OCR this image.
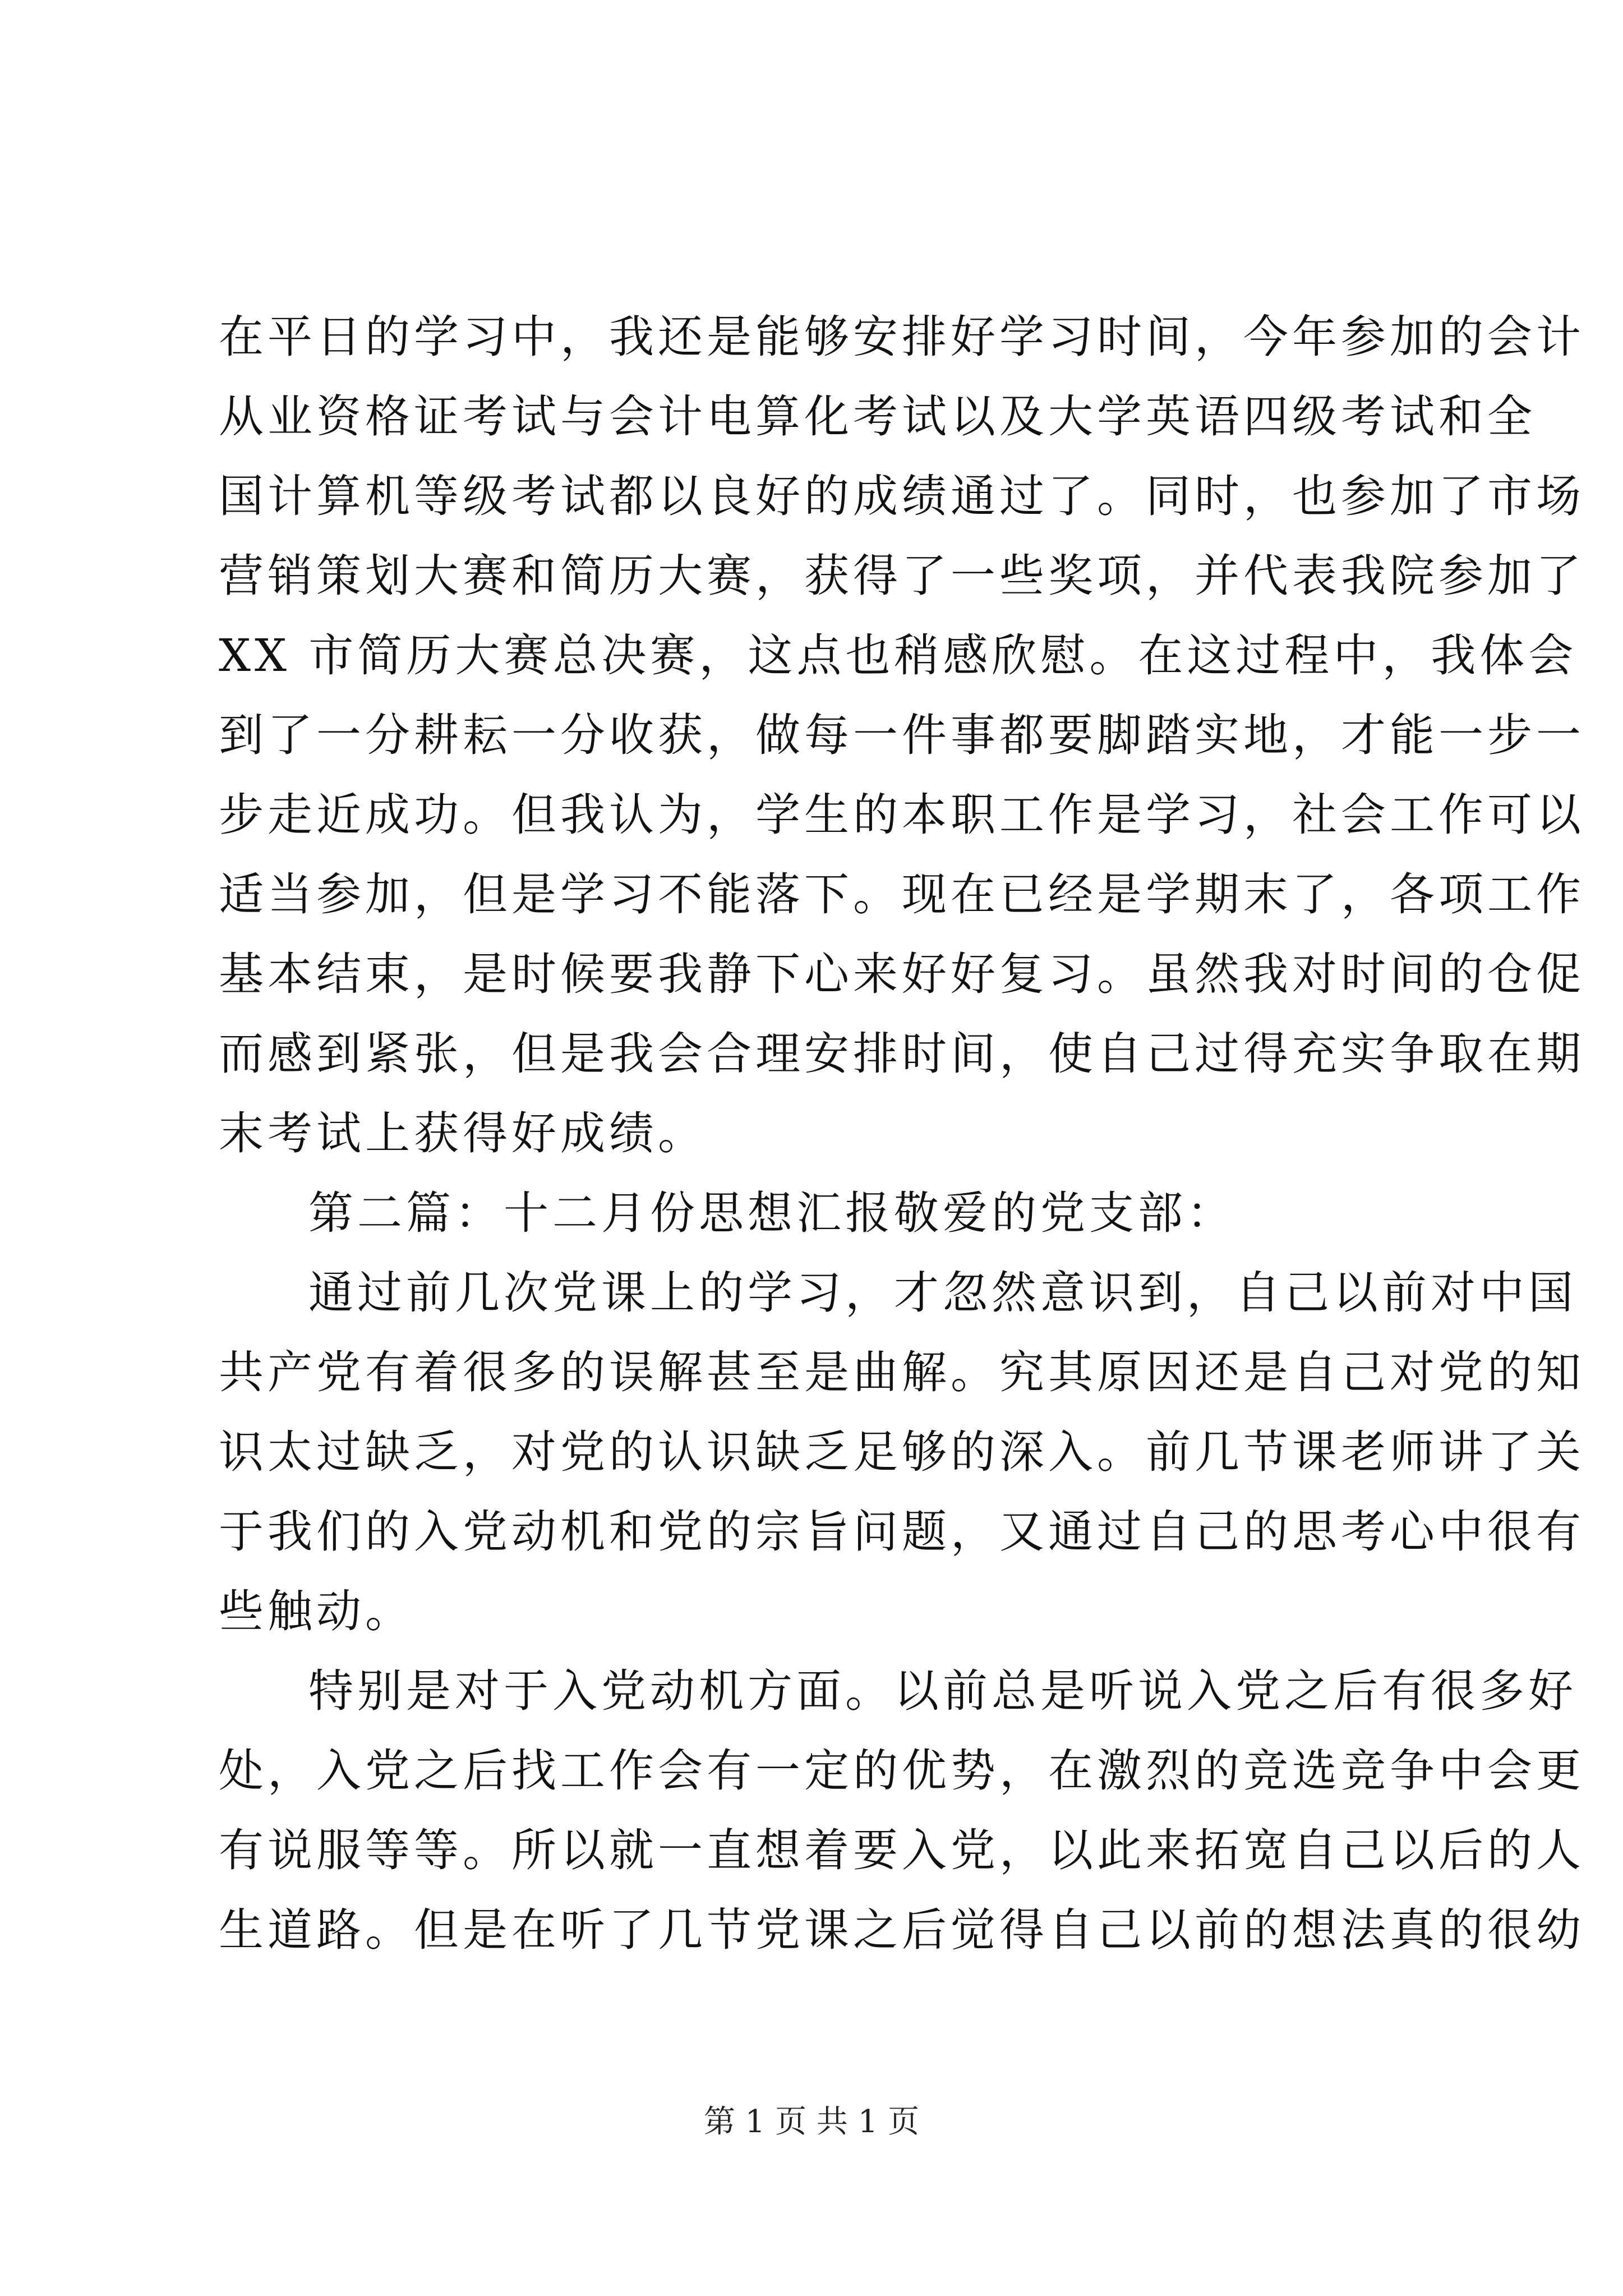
在平日的学习中，我还是能够安排好学习时间，今年参加的会计
从业资格证考试与会计电算化考试以及大学英语四级考试和全
国计算机等级考试都以良好的成绩通过了。同时，也参加了市场
营销策划大赛和简历大赛，获得了一些奖项，并代表我院参加了
XX 市简历大赛总决赛，这点也稍感欣慰。在这过程中，我体会
到了一分耕耘一分收获，做每一件事都要脚踏实地，才能一步一
步走近成功。但我认为，学生的本职工作是学习，社会工作可以
适当参加，但是学习不能落下。现在已经是学期末了，各项工作
基本结束，是时候要我静下心来好好复习。虽然我对时间的仓促
而感到紧张，但是我会合理安排时间，使自己过得充实争取在期
末考试上获得好成绩。
第二篇：十二月份思想汇报敬爱的党支部：
通过前几次党课上的学习，才忽然意识到，自己以前对中国
共产党有着很多的误解甚至是曲解。究其原因还是自己对党的知
识太过缺乏，对党的认识缺乏足够的深入。前几节课老师讲了关
于我们的入党动机和党的宗旨问题，又通过自己的思考心中很有
些触动。
特别是对于入党动机方面。以前总是听说入党之后有很多好
处，入党之后找工作会有一定的优势，在激烈的竞选竞争中会更
有说服等等。所以就一直想着要入党，以此来拓宽自己以后的人
生道路。但是在听了几节党课之后觉得自己以前的想法真的很幼
第 1 页 共 1 页
